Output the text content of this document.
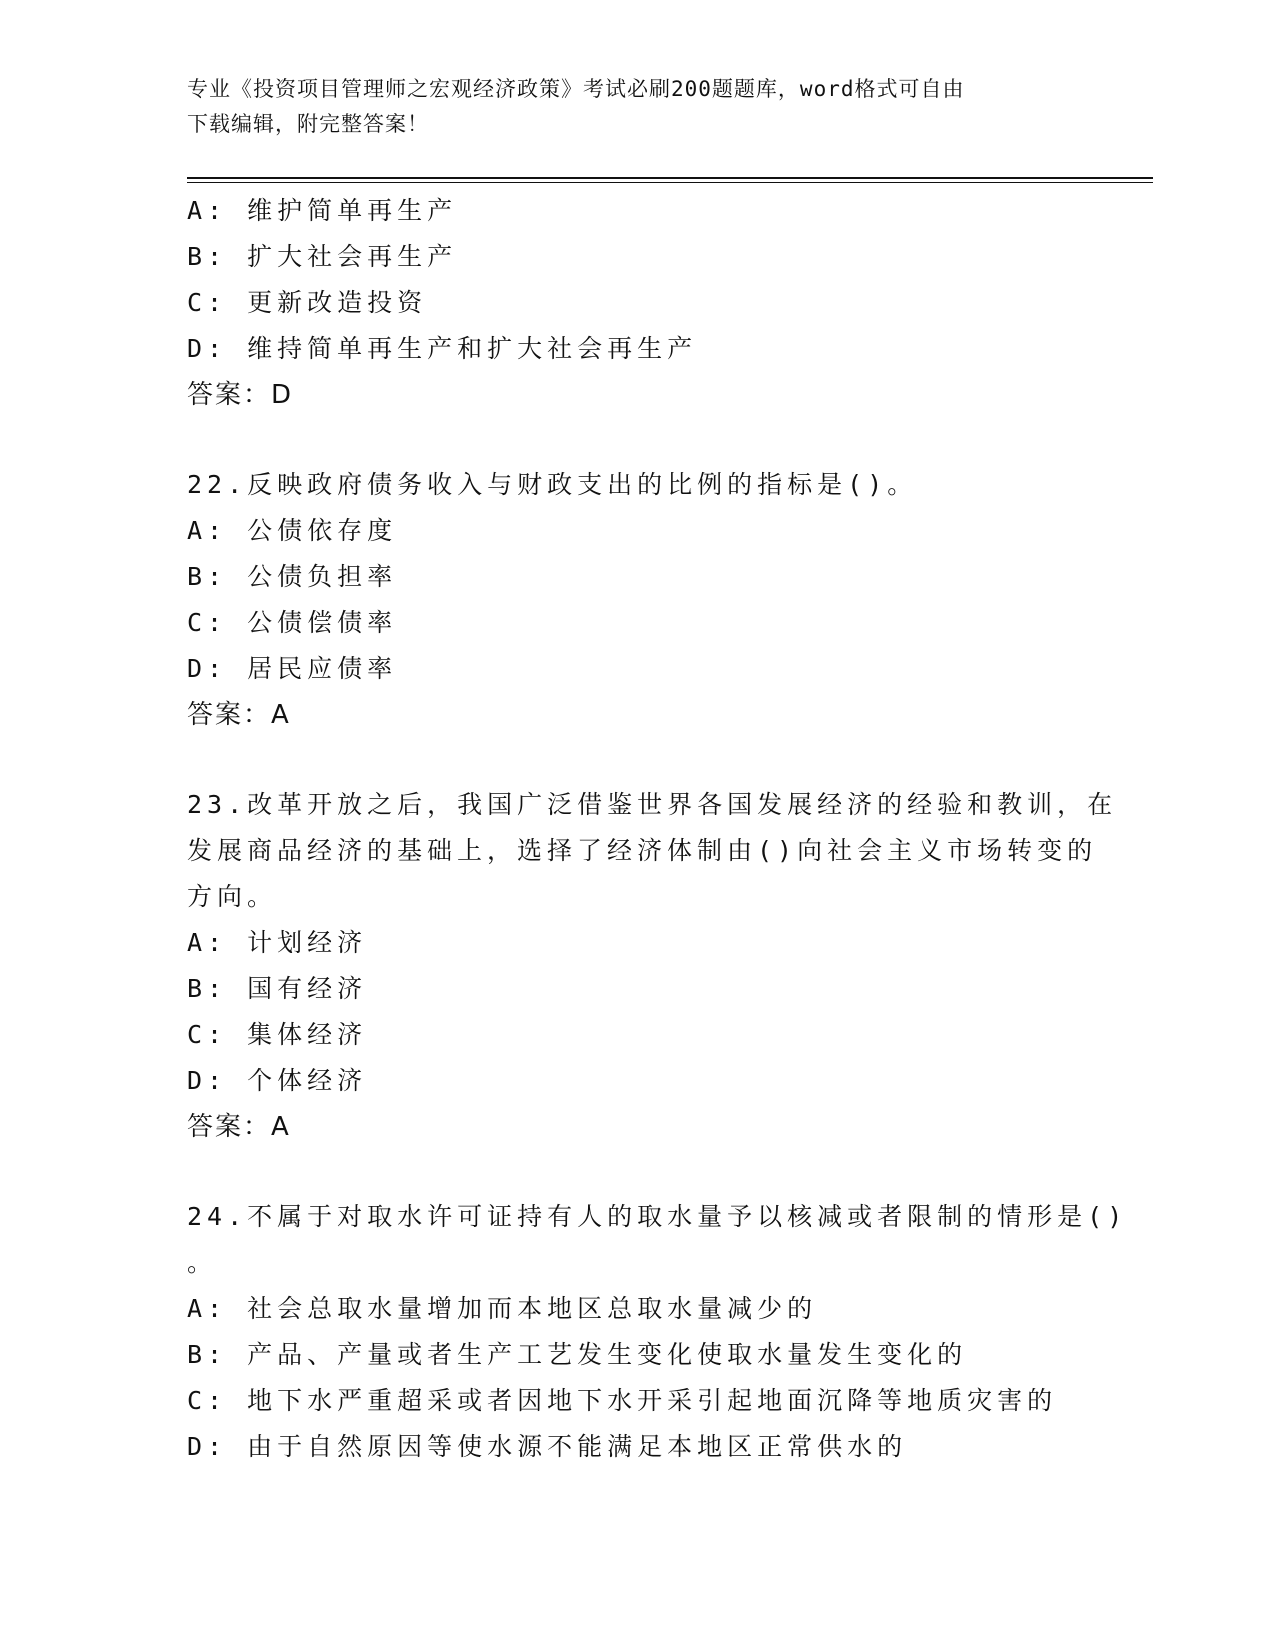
专业《投资项目管理师之宏观经济政策》考试必刷200题题库，word格式可自由
下载编辑，附完整答案！
A: 维护简单再生产
B: 扩大社会再生产
C: 更新改造投资
D: 维持简单再生产和扩大社会再生产
答案：D
22.反映政府债务收入与财政支出的比例的指标是()。
A: 公债依存度
B: 公债负担率
C: 公债偿债率
D: 居民应债率
答案：A
23.改革开放之后，我国广泛借鉴世界各国发展经济的经验和教训，在
发展商品经济的基础上，选择了经济体制由()向社会主义市场转变的
方向。
A: 计划经济
B: 国有经济
C: 集体经济
D: 个体经济
答案：A
24.不属于对取水许可证持有人的取水量予以核减或者限制的情形是()
。
A: 社会总取水量增加而本地区总取水量减少的
B: 产品、产量或者生产工艺发生变化使取水量发生变化的
C: 地下水严重超采或者因地下水开采引起地面沉降等地质灾害的
D: 由于自然原因等使水源不能满足本地区正常供水的
